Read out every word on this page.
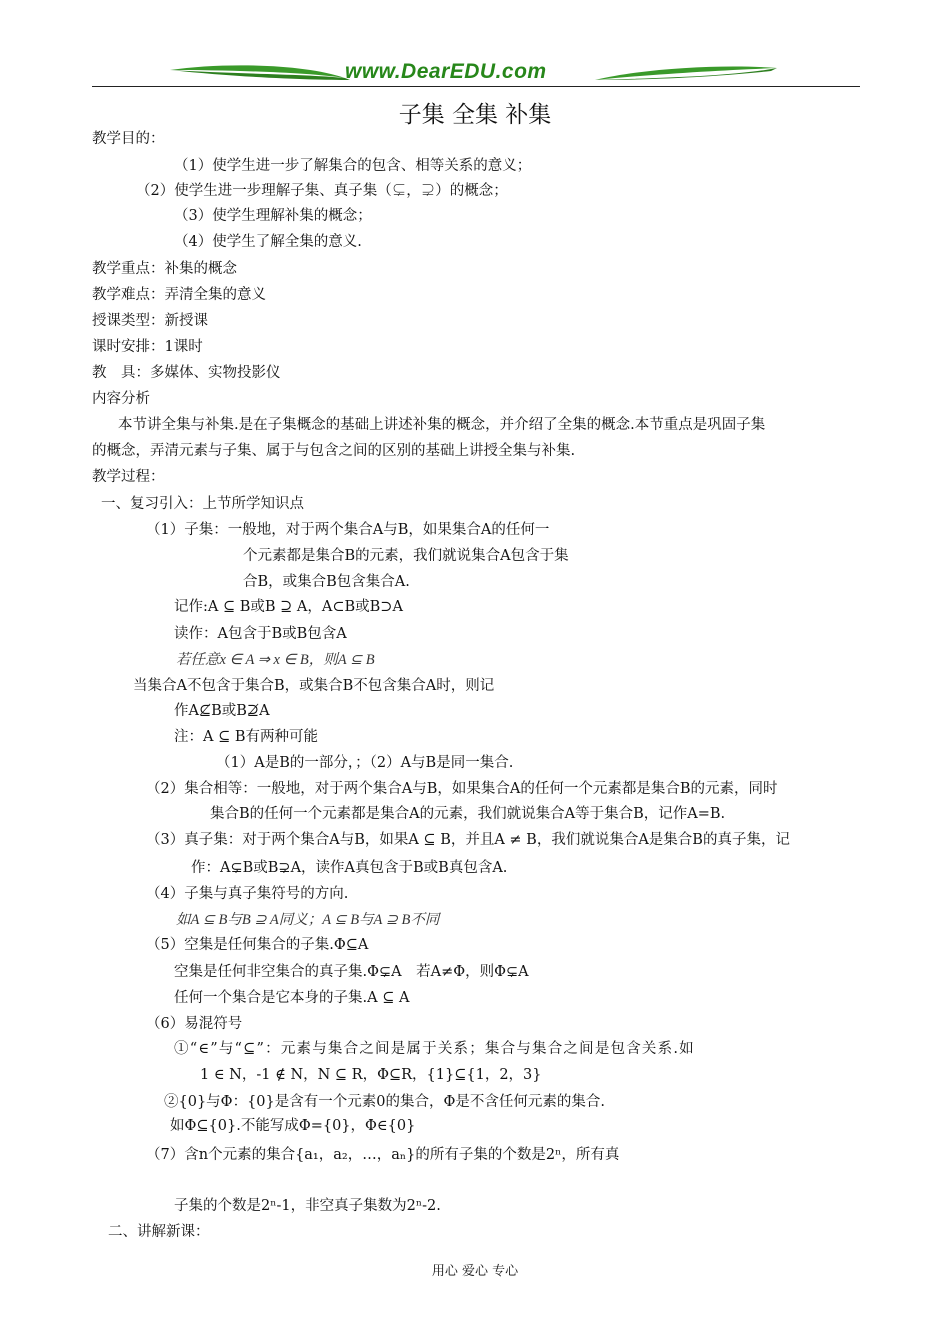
www.DearEDU.com
子集 全集 补集
教学目的：
（1）使学生进一步了解集合的包含、相等关系的意义；
（2）使学生进一步理解子集、真子集（⊊，⊋）的概念；
（3）使学生理解补集的概念；
（4）使学生了解全集的意义.
教学重点：补集的概念
教学难点：弄清全集的意义
授课类型：新授课
课时安排：1课时
教　具：多媒体、实物投影仪
内容分析
本节讲全集与补集.是在子集概念的基础上讲述补集的概念，并介绍了全集的概念.本节重点是巩固子集
的概念，弄清元素与子集、属于与包含之间的区别的基础上讲授全集与补集.
教学过程：
一、复习引入：上节所学知识点
（1）子集：一般地，对于两个集合A与B，如果集合A的任何一
个元素都是集合B的元素，我们就说集合A包含于集
合B，或集合B包含集合A.
记作:A ⊆ B或B ⊇ A，A⊂B或B⊃A
读作：A包含于B或B包含A
若任意x ∈ A ⇒ x ∈ B，则A ⊆ B
当集合A不包含于集合B，或集合B不包含集合A时，则记
作A⊈B或B⊉A
注：A ⊆ B有两种可能
（1）A是B的一部分，；（2）A与B是同一集合.
（2）集合相等：一般地，对于两个集合A与B，如果集合A的任何一个元素都是集合B的元素，同时
集合B的任何一个元素都是集合A的元素，我们就说集合A等于集合B，记作A=B.
（3）真子集：对于两个集合A与B，如果A ⊆ B，并且A ≠ B，我们就说集合A是集合B的真子集，记
作：A⊊B或B⊋A，读作A真包含于B或B真包含A.
（4）子集与真子集符号的方向.
如A ⊆ B与B ⊇ A同义；A ⊆ B与A ⊇ B不同
（5）空集是任何集合的子集.Φ⊆A
空集是任何非空集合的真子集.Φ⊊A　若A≠Φ，则Φ⊊A
任何一个集合是它本身的子集.A ⊆ A
（6）易混符号
①“∈”与“⊆”：元素与集合之间是属于关系；集合与集合之间是包含关系.如
1 ∈ N，-1 ∉ N，N ⊆ R，Φ⊆R，{1}⊆{1，2，3}
②{0}与Φ：{0}是含有一个元素0的集合，Φ是不含任何元素的集合.
如Φ⊆{0}.不能写成Φ={0}，Φ∈{0}
（7）含n个元素的集合{a₁，a₂，…，aₙ}的所有子集的个数是2ⁿ，所有真
子集的个数是2ⁿ-1，非空真子集数为2ⁿ-2.
二、讲解新课：
用心 爱心 专心
